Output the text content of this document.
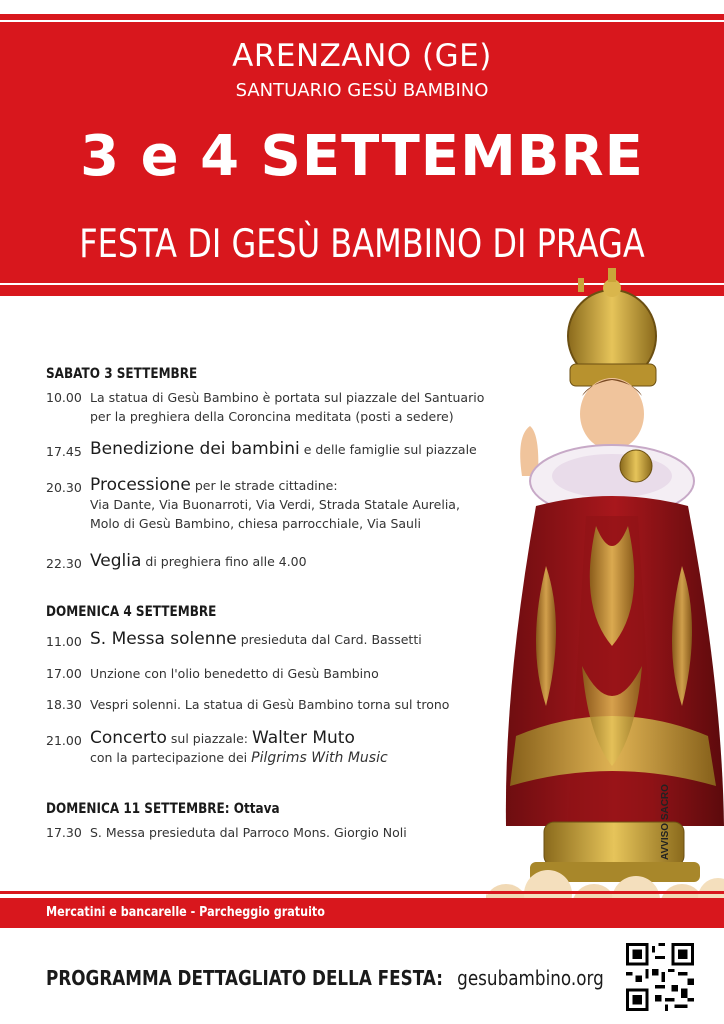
ARENZANO (GE)
SANTUARIO GESÙ BAMBINO
3 e 4 SETTEMBRE
FESTA DI GESÙ BAMBINO DI PRAGA
SABATO 3 SETTEMBRE
10.00 La statua di Gesù Bambino è portata sul piazzale del Santuario
per la preghiera della Coroncina meditata (posti a sedere)
17.45 Benedizione dei bambini e delle famiglie sul piazzale
20.30 Processione per le strade cittadine:
Via Dante, Via Buonarroti, Via Verdi, Strada Statale Aurelia,
Molo di Gesù Bambino, chiesa parrocchiale, Via Sauli
22.30 Veglia di preghiera fino alle 4.00
DOMENICA 4 SETTEMBRE
11.00 S. Messa solenne presieduta dal Card. Bassetti
17.00 Unzione con l'olio benedetto di Gesù Bambino
18.30 Vespri solenni. La statua di Gesù Bambino torna sul trono
21.00 Concerto sul piazzale: Walter Muto
con la partecipazione dei Pilgrims With Music
DOMENICA 11 SETTEMBRE: Ottava
17.30 S. Messa presieduta dal Parroco Mons. Giorgio Noli	AVVISO SACRO
Mercatini e bancarelle - Parcheggio gratuito
PROGRAMMA DETTAGLIATO DELLA FESTA: gesubambino.org
